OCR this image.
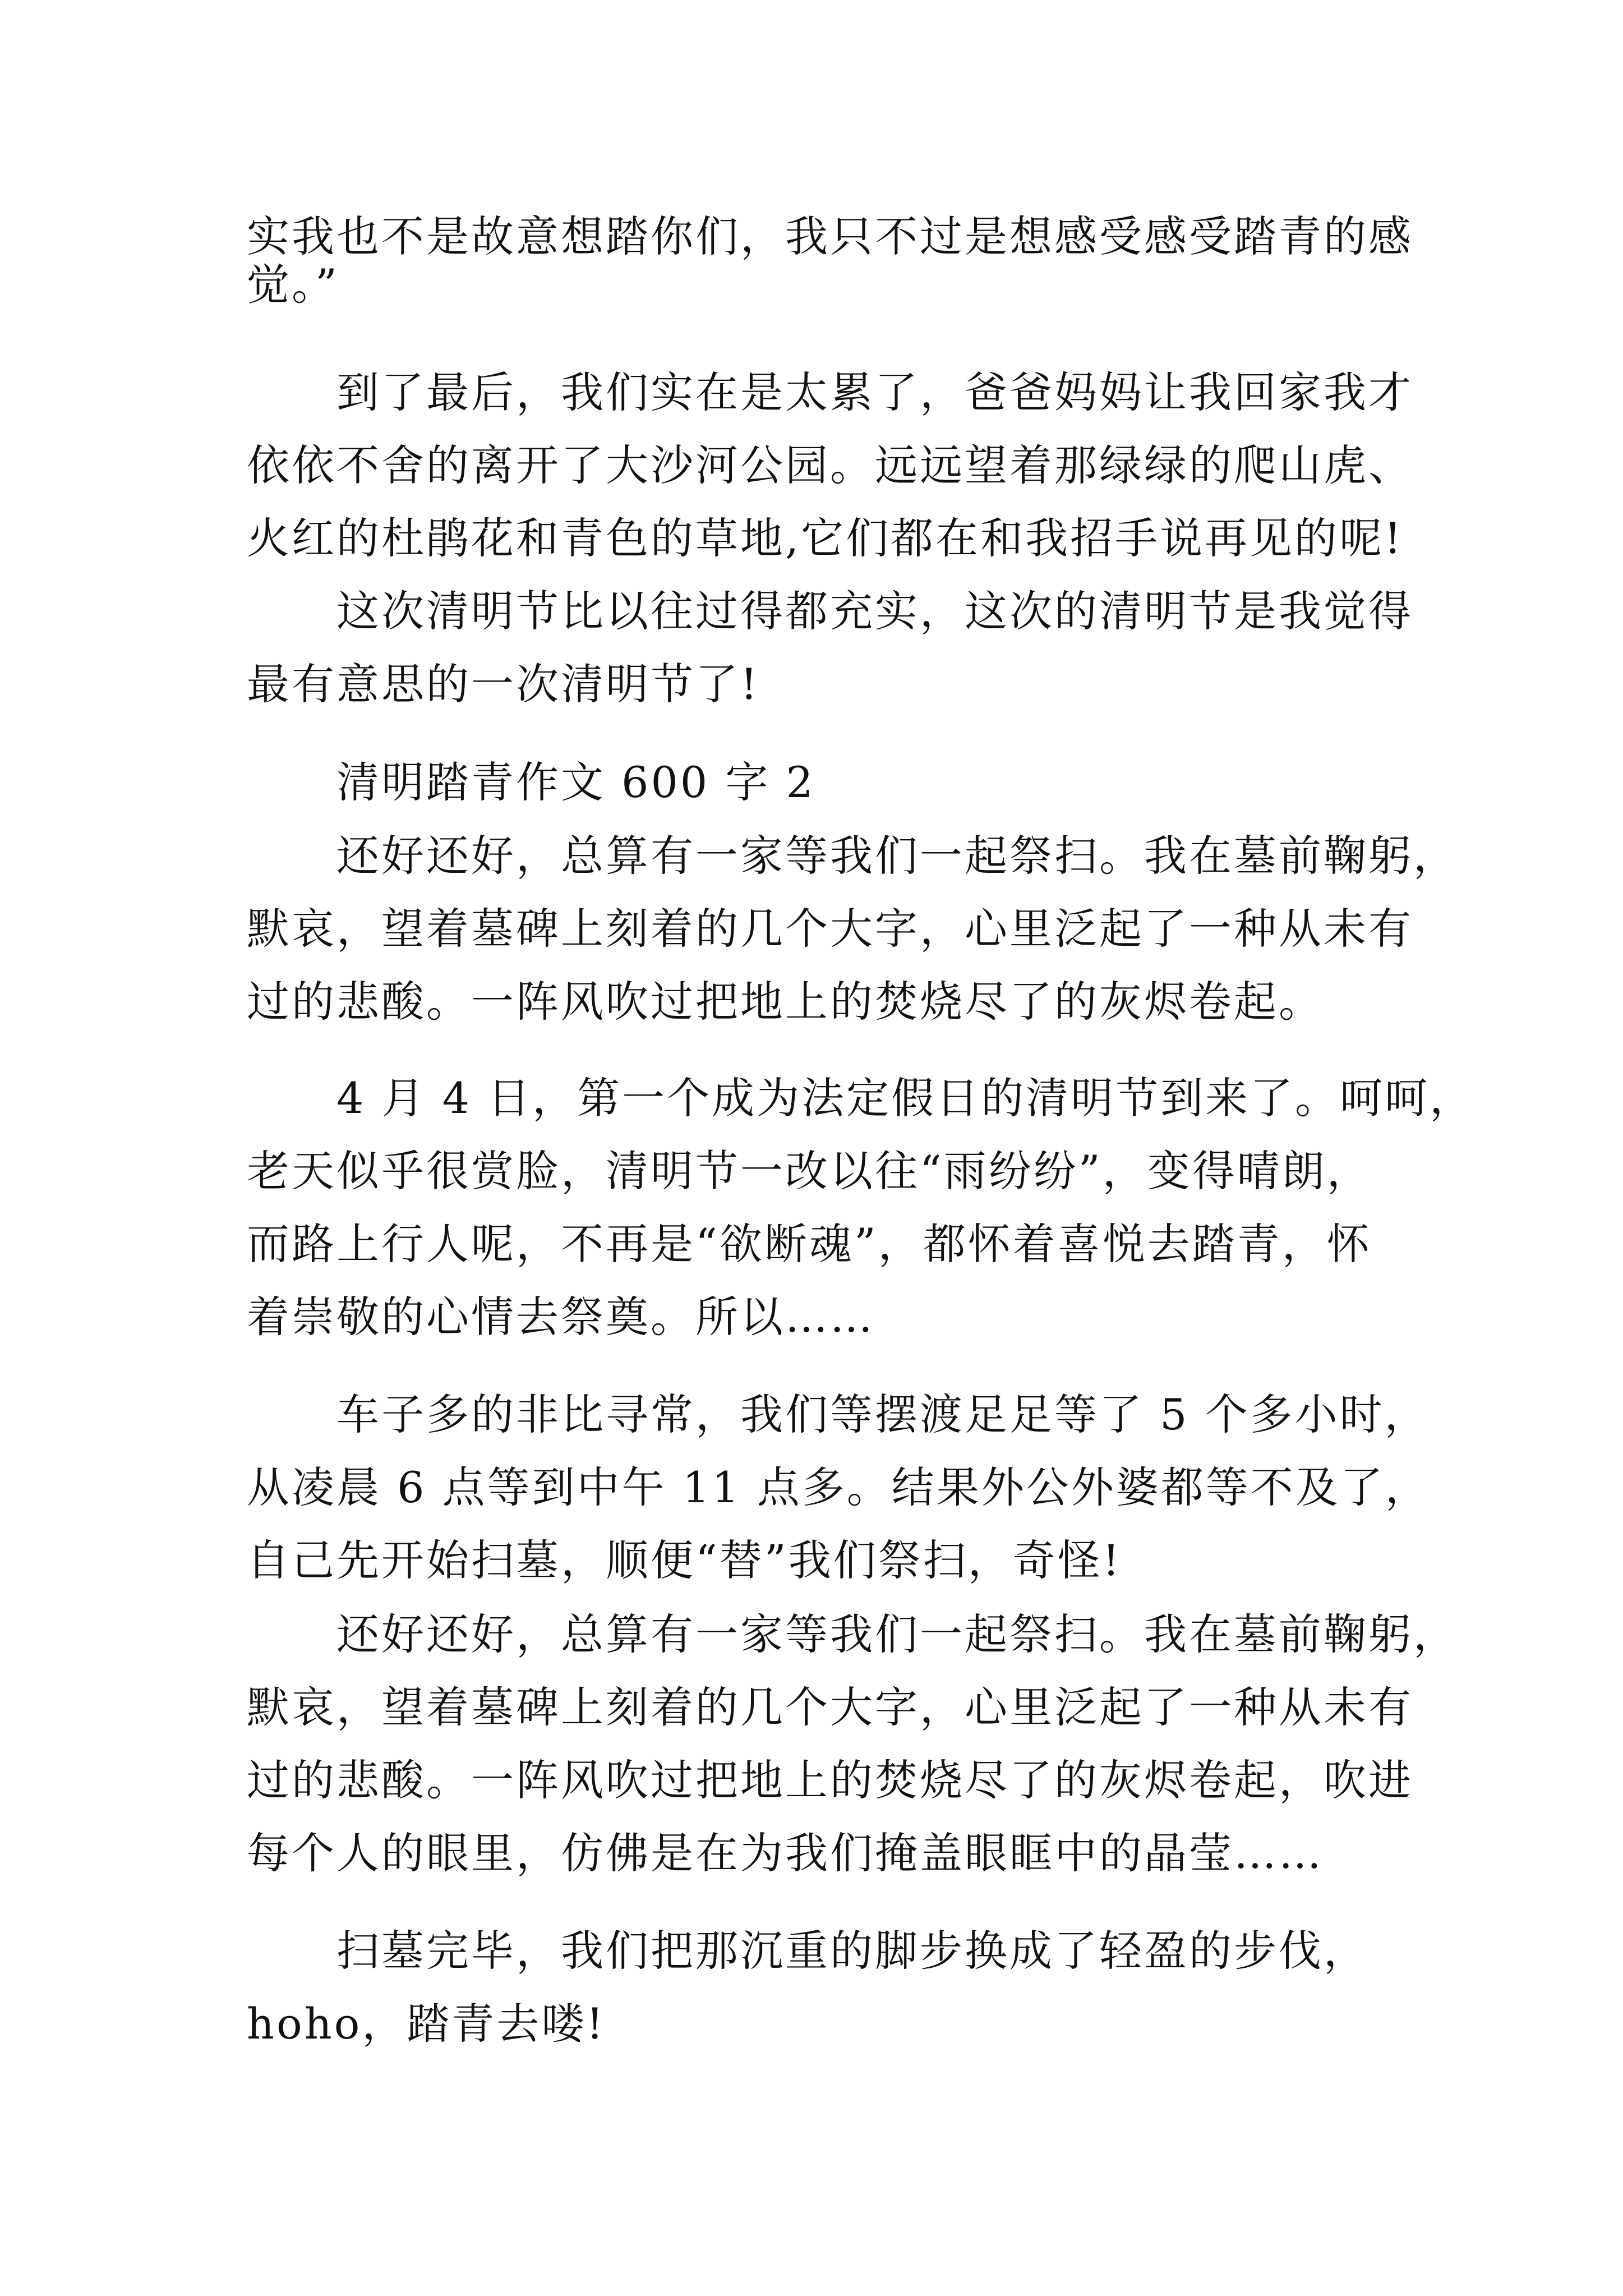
实我也不是故意想踏你们，我只不过是想感受感受踏青的感
觉。”
到了最后，我们实在是太累了，爸爸妈妈让我回家我才
依依不舍的离开了大沙河公园。远远望着那绿绿的爬山虎、
火红的杜鹃花和青色的草地,它们都在和我招手说再见的呢!
这次清明节比以往过得都充实，这次的清明节是我觉得
最有意思的一次清明节了!
清明踏青作文 600 字 2
还好还好，总算有一家等我们一起祭扫。我在墓前鞠躬，
默哀，望着墓碑上刻着的几个大字，心里泛起了一种从未有
过的悲酸。一阵风吹过把地上的焚烧尽了的灰烬卷起。
4 月 4 日，第一个成为法定假日的清明节到来了。呵呵，
老天似乎很赏脸，清明节一改以往“雨纷纷”，变得晴朗，
而路上行人呢，不再是“欲断魂”，都怀着喜悦去踏青，怀
着崇敬的心情去祭奠。所以……
车子多的非比寻常，我们等摆渡足足等了 5 个多小时，
从凌晨 6 点等到中午 11 点多。结果外公外婆都等不及了，
自己先开始扫墓，顺便“替”我们祭扫，奇怪!
还好还好，总算有一家等我们一起祭扫。我在墓前鞠躬，
默哀，望着墓碑上刻着的几个大字，心里泛起了一种从未有
过的悲酸。一阵风吹过把地上的焚烧尽了的灰烬卷起，吹进
每个人的眼里，仿佛是在为我们掩盖眼眶中的晶莹……
扫墓完毕，我们把那沉重的脚步换成了轻盈的步伐，
hoho，踏青去喽!
